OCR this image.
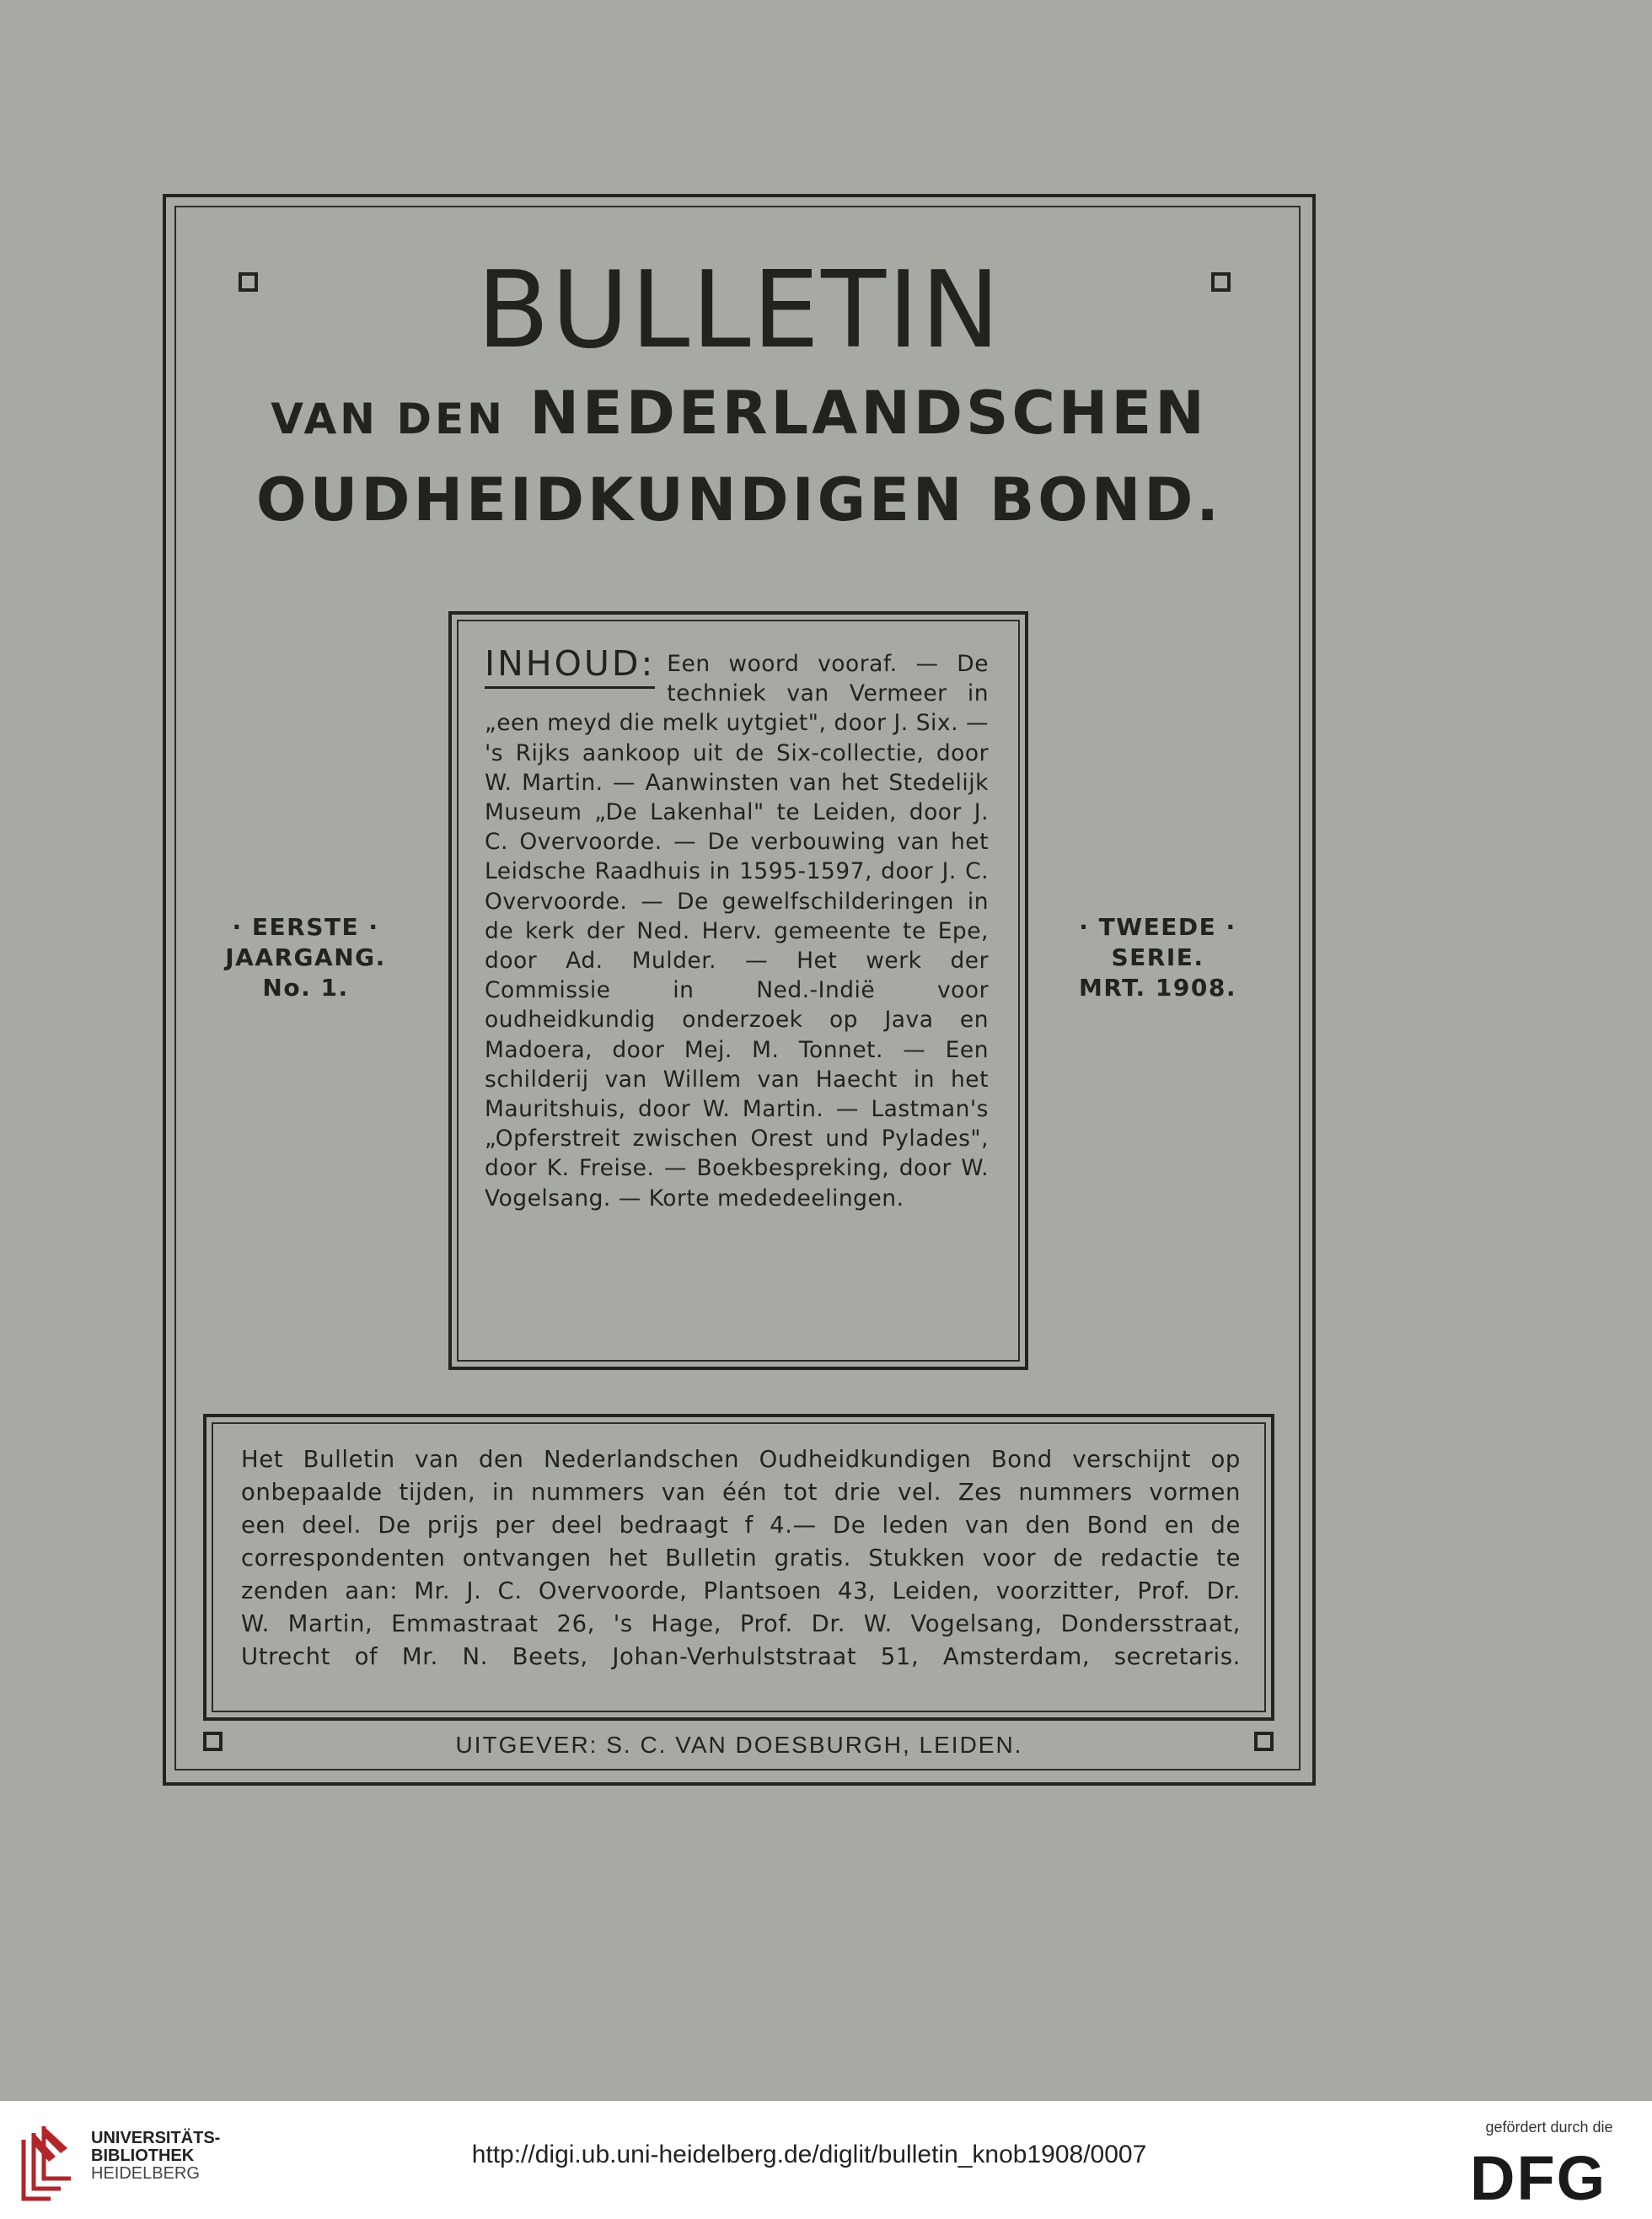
BULLETIN
VAN DEN NEDERLANDSCHEN
OUDHEIDKUNDIGEN BOND.
INHOUD: Een woord vooraf. — De techniek van Vermeer in „een meyd die melk uytgiet", door J. Six. — 's Rijks aankoop uit de Six-collectie, door W. Martin. — Aanwinsten van het Stedelijk Museum „De Lakenhal" te Leiden, door J. C. Overvoorde. — De verbouwing van het Leidsche Raadhuis in 1595-1597, door J. C. Overvoorde. — De gewelfschilderingen in de kerk der Ned. Herv. gemeente te Epe, door Ad. Mulder. — Het werk der Commissie in Ned.-Indië voor oudheidkundig onderzoek op Java en Madoera, door Mej. M. Tonnet. — Een schilderij van Willem van Haecht in het Mauritshuis, door W. Martin. — Lastman's „Opferstreit zwischen Orest und Pylades", door K. Freise. — Boekbespreking, door W. Vogelsang. — Korte mededeelingen.
· EERSTE ·
JAARGANG.
No. 1.
· TWEEDE ·
SERIE.
MRT. 1908.
Het Bulletin van den Nederlandschen Oudheidkundigen Bond verschijnt op
onbepaalde tijden, in nummers van één tot drie vel. Zes nummers vormen
een deel. De prijs per deel bedraagt f 4.— De leden van den Bond en de
correspondenten ontvangen het Bulletin gratis. Stukken voor de redactie te
zenden aan: Mr. J. C. Overvoorde, Plantsoen 43, Leiden, voorzitter, Prof. Dr.
W. Martin, Emmastraat 26, 's Hage, Prof. Dr. W. Vogelsang, Dondersstraat,
Utrecht of Mr. N. Beets, Johan-Verhulststraat 51, Amsterdam, secretaris.
UITGEVER: S. C. VAN DOESBURGH, LEIDEN.
UNIVERSITÄTS-
BIBLIOTHEK
HEIDELBERG
http://digi.ub.uni-heidelberg.de/diglit/bulletin_knob1908/0007
gefördert durch die
DFG
